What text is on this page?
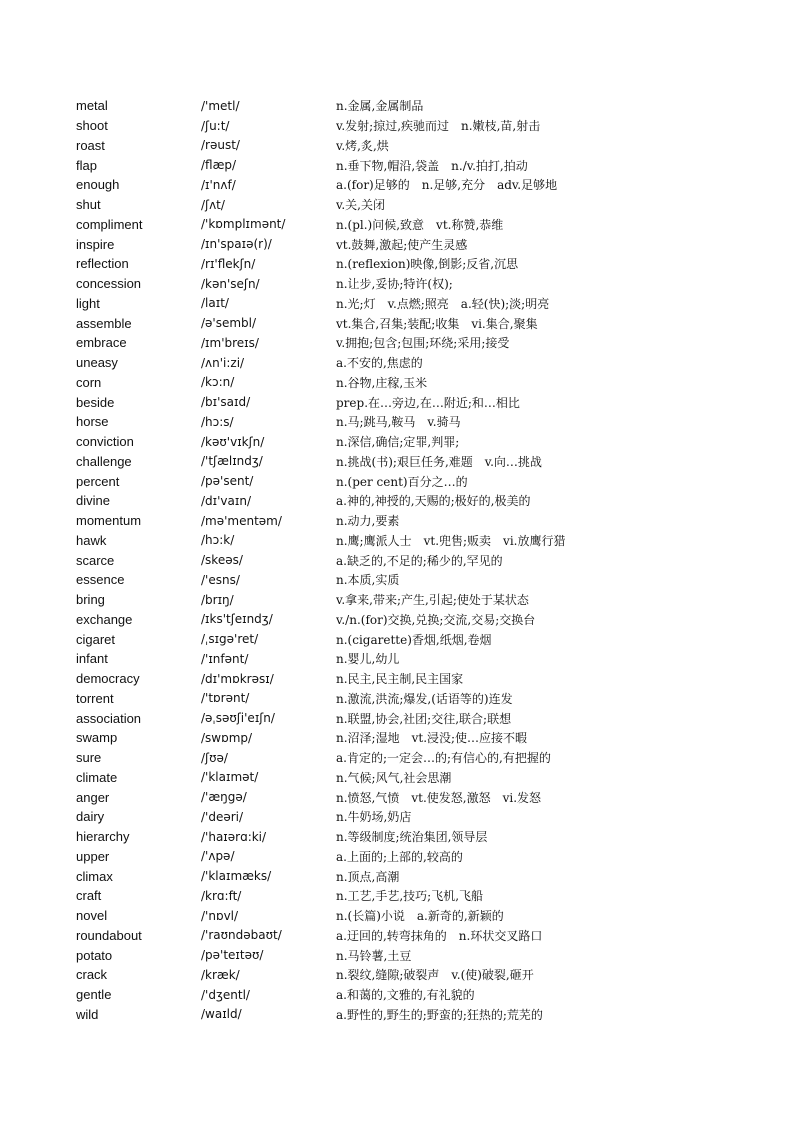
metal	/'metl/	n.金属,金属制品
shoot	/ʃu:t/	v.发射;掠过,疾驰而过　n.嫩枝,苗,射击
roast	/rəust/	v.烤,炙,烘
flap	/flæp/	n.垂下物,帽沿,袋盖　n./v.拍打,拍动
enough	/ɪ'nʌf/	a.(for)足够的　n.足够,充分　adv.足够地
shut	/ʃʌt/	v.关,关闭
compliment	/'kɒmplɪmənt/	n.(pl.)问候,致意　vt.称赞,恭维
inspire	/ɪn'spaɪə(r)/	vt.鼓舞,激起;使产生灵感
reflection	/rɪ'flekʃn/	n.(reflexion)映像,倒影;反省,沉思
concession	/kən'seʃn/	n.让步,妥协;特许(权);
light	/laɪt/	n.光;灯　v.点燃;照亮　a.轻(快);淡;明亮
assemble	/ə'sembl/	vt.集合,召集;装配;收集　vi.集合,聚集
embrace	/ɪm'breɪs/	v.拥抱;包含;包围;环绕;采用;接受
uneasy	/ʌn'i:zi/	a.不安的,焦虑的
corn	/kɔ:n/	n.谷物,庄稼,玉米
beside	/bɪ'saɪd/	prep.在…旁边,在…附近;和…相比
horse	/hɔ:s/	n.马;跳马,鞍马　v.骑马
conviction	/kəʊ'vɪkʃn/	n.深信,确信;定罪,判罪;
challenge	/'tʃælɪndʒ/	n.挑战(书);艰巨任务,难题　v.向…挑战
percent	/pə'sent/	n.(per cent)百分之…的
divine	/dɪ'vaɪn/	a.神的,神授的,天赐的;极好的,极美的
momentum	/mə'mentəm/	n.动力,要素
hawk	/hɔ:k/	n.鹰;鹰派人士　vt.兜售;贩卖　vi.放鹰行猎
scarce	/skeəs/	a.缺乏的,不足的;稀少的,罕见的
essence	/'esns/	n.本质,实质
bring	/brɪŋ/	v.拿来,带来;产生,引起;使处于某状态
exchange	/ɪks'tʃeɪndʒ/	v./n.(for)交换,兑换;交流,交易;交换台
cigaret	/ˌsɪgə'ret/	n.(cigarette)香烟,纸烟,卷烟
infant	/'ɪnfənt/	n.婴儿,幼儿
democracy	/dɪ'mɒkrəsɪ/	n.民主,民主制,民主国家
torrent	/'tɒrənt/	n.激流,洪流;爆发,(话语等的)连发
association	/əˌsəʊʃi'eɪʃn/	n.联盟,协会,社团;交往,联合;联想
swamp	/swɒmp/	n.沼泽;湿地　vt.浸没;使…应接不暇
sure	/ʃʊə/	a.肯定的;一定会…的;有信心的,有把握的
climate	/'klaɪmət/	n.气候;风气,社会思潮
anger	/'æŋgə/	n.愤怒,气愤　vt.使发怒,激怒　vi.发怒
dairy	/'deəri/	n.牛奶场,奶店
hierarchy	/'haɪərɑ:ki/	n.等级制度;统治集团,领导层
upper	/'ʌpə/	a.上面的;上部的,较高的
climax	/'klaɪmæks/	n.顶点,高潮
craft	/krɑ:ft/	n.工艺,手艺,技巧;飞机,飞船
novel	/'nɒvl/	n.(长篇)小说　a.新奇的,新颖的
roundabout	/'raʊndəbaʊt/	a.迂回的,转弯抹角的　n.环状交叉路口
potato	/pə'teɪtəʊ/	n.马铃薯,土豆
crack	/kræk/	n.裂纹,缝隙;破裂声　v.(使)破裂,砸开
gentle	/'dʒentl/	a.和蔼的,文雅的,有礼貌的
wild	/waɪld/	a.野性的,野生的;野蛮的;狂热的;荒芜的
